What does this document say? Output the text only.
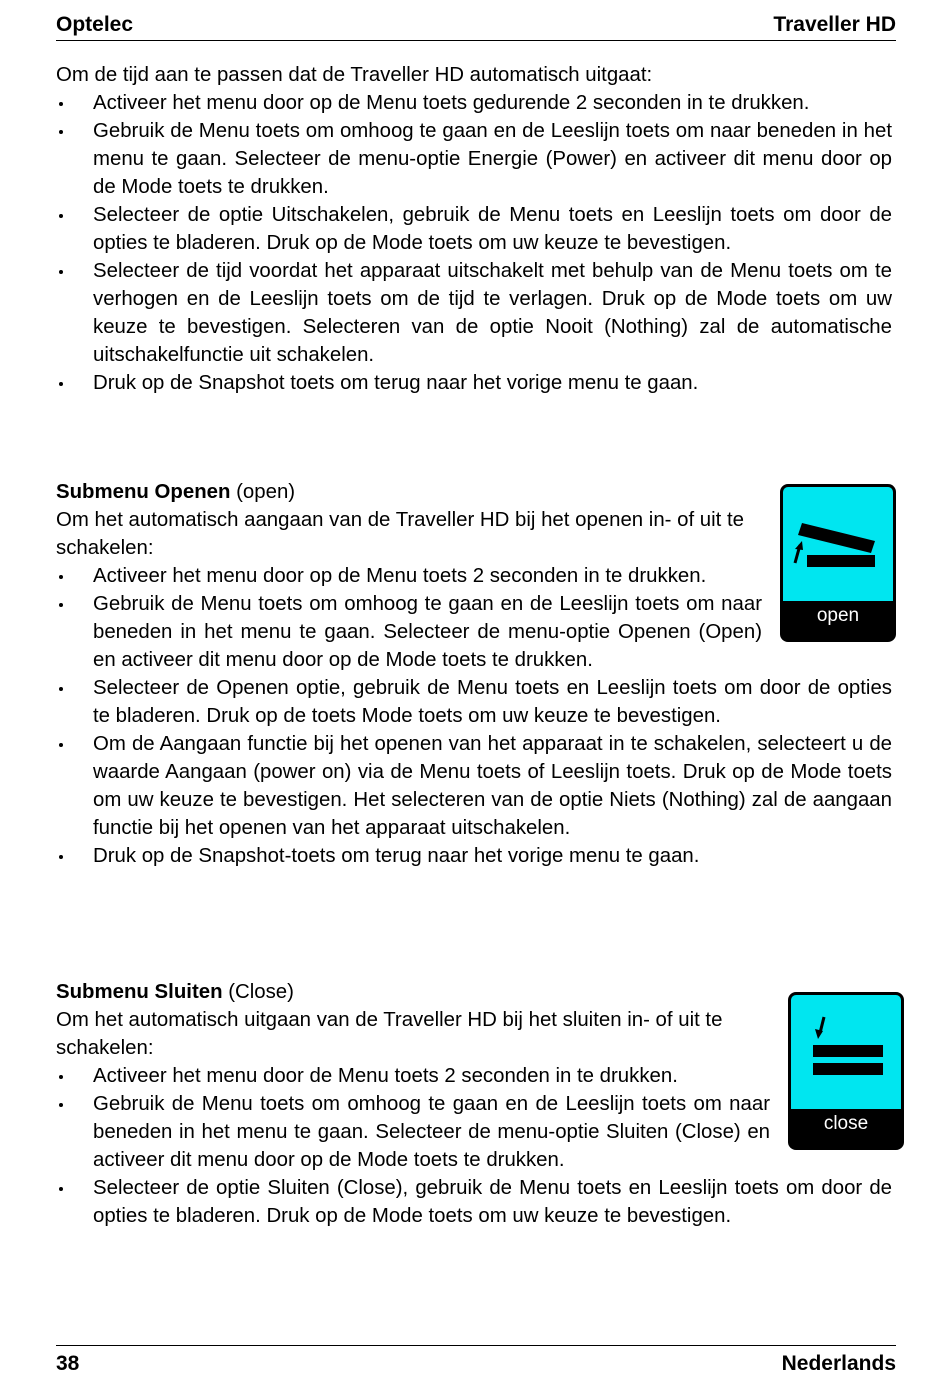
Optelec	Traveller HD

Om de tijd aan te passen dat de Traveller HD automatisch uitgaat:

Activeer het menu door op de Menu toets gedurende 2 seconden in te drukken.
Gebruik de Menu toets om omhoog te gaan en de Leeslijn toets om naar beneden in het menu te gaan. Selecteer de menu-optie Energie (Power) en activeer dit menu door op de Mode toets te drukken.
Selecteer de optie Uitschakelen, gebruik de Menu toets en Leeslijn toets om door de opties te bladeren. Druk op de Mode toets om uw keuze te bevestigen.
Selecteer de tijd voordat het apparaat uitschakelt met behulp van de Menu toets om te verhogen en de Leeslijn toets om de tijd te verlagen. Druk op de Mode toets om uw keuze te bevestigen. Selecteren van de optie Nooit (Nothing) zal de automatische uitschakelfunctie uit schakelen.
Druk op de Snapshot toets om terug naar het vorige menu te gaan.
open

Submenu Openen (open)

Om het automatisch aangaan van de Traveller HD bij het openen in- of uit te schakelen:

Activeer het menu door op de Menu toets 2 seconden in te drukken.
Gebruik de Menu toets om omhoog te gaan en de Leeslijn toets om naar beneden in het menu te gaan. Selecteer de menu-optie Openen (Open) en activeer dit menu door op de Mode toets te drukken.
Selecteer de Openen optie, gebruik de Menu toets en Leeslijn toets om door de opties te bladeren. Druk op de toets Mode toets om uw keuze te bevestigen.
Om de Aangaan functie bij het openen van het apparaat in te schakelen, selecteert u de waarde Aangaan (power on) via de Menu toets of Leeslijn toets. Druk op de Mode toets om uw keuze te bevestigen. Het selecteren van de optie Niets (Nothing) zal de aangaan functie bij het openen van het apparaat uitschakelen.
Druk op de Snapshot-toets om terug naar het vorige menu te gaan.
close

Submenu Sluiten (Close)

Om het automatisch uitgaan van de Traveller HD bij het sluiten in- of uit te schakelen:

Activeer het menu door de Menu toets 2 seconden in te drukken.
Gebruik de Menu toets om omhoog te gaan en de Leeslijn toets om naar beneden in het menu te gaan. Selecteer de menu-optie Sluiten (Close) en activeer dit menu door op de Mode toets te drukken.
Selecteer de optie Sluiten (Close), gebruik de Menu toets en Leeslijn toets om door de opties te bladeren. Druk op de Mode toets om uw keuze te bevestigen.
38	Nederlands
